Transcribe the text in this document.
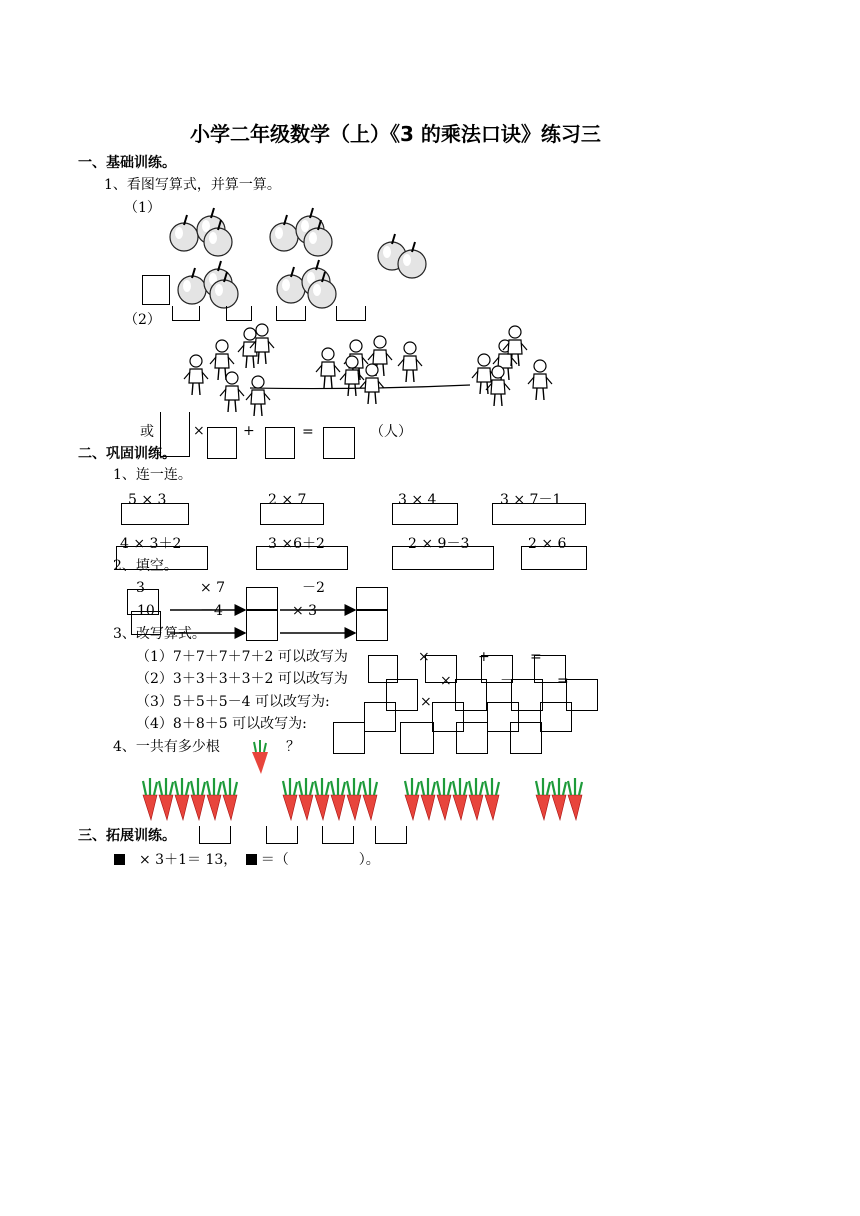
小学二年级数学（上）《3 的乘法口诀》练习三
一、基础训练。
1、看图写算式，并算一算。
（1）
（2）
或	×	+	=	（人）
二、巩固训练。
1、连一连。
5 × 3	2 × 7	3 × 4	3 × 7－1
4 × 3＋2	3 ×6＋2	2 × 9－3	2 × 6
2、填空。
3
10
× 7
－4
－2
× 3
3、改写算式。
（1）7＋7＋7＋7＋2 可以改写为
（2）3＋3＋3＋3＋2 可以改写为
（3）5＋5＋5－4 可以改写为:
（4）8＋8＋5 可以改写为:
×	+	=
×	－	=
×
4、一共有多少根	？
三、拓展训练。
× 3＋1＝ 13， ＝（	）。
